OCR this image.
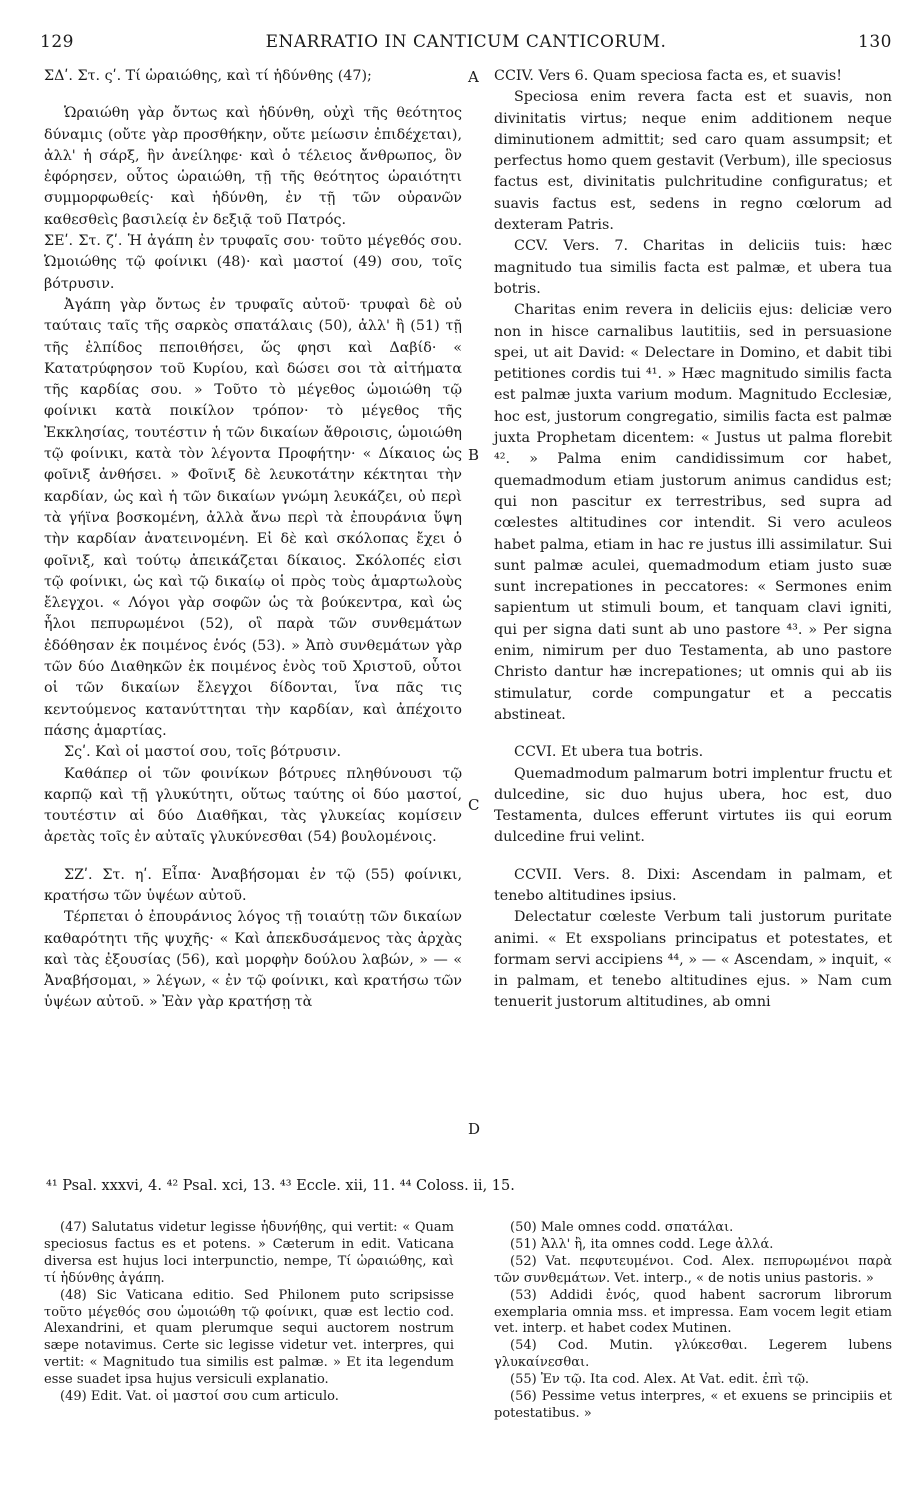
129	ENARRATIO IN CANTICUM CANTICORUM.	130

ΣΔʹ. Στ. ςʹ. Τί ὡραιώθης, καὶ τί ἡδύνθης (47);

Ὡραιώθη γὰρ ὄντως καὶ ἡδύνθη, οὐχὶ τῆς θεότητος δύναμις (οὔτε γὰρ προσθήκην, οὔτε μείωσιν ἐπιδέχεται), ἀλλ' ἡ σάρξ, ἣν ἀνείληφε· καὶ ὁ τέλειος ἄνθρωπος, ὃν ἐφόρησεν, οὗτος ὡραιώθη, τῇ τῆς θεότητος ὡραιότητι συμμορφωθείς· καὶ ἡδύνθη, ἐν τῇ τῶν οὐρανῶν καθεσθεὶς βασιλείᾳ ἐν δεξιᾷ τοῦ Πατρός.

ΣΕʹ. Στ. ζʹ. Ἡ ἀγάπη ἐν τρυφαῖς σου· τοῦτο μέγεθός σου. Ὡμοιώθης τῷ φοίνικι (48)· καὶ μαστοί (49) σου, τοῖς βότρυσιν.

Ἀγάπη γὰρ ὄντως ἐν τρυφαῖς αὐτοῦ· τρυφαὶ δὲ οὐ ταύταις ταῖς τῆς σαρκὸς σπατάλαις (50), ἀλλ' ἢ (51) τῇ τῆς ἐλπίδος πεποιθήσει, ὥς φησι καὶ Δαβίδ· « Κατατρύφησον τοῦ Κυρίου, καὶ δώσει σοι τὰ αἰτήματα τῆς καρδίας σου. » Τοῦτο τὸ μέγεθος ὡμοιώθη τῷ φοίνικι κατὰ ποικίλον τρόπον· τὸ μέγεθος τῆς Ἐκκλησίας, τουτέστιν ἡ τῶν δικαίων ἄθροισις, ὡμοιώθη τῷ φοίνικι, κατὰ τὸν λέγοντα Προφήτην· « Δίκαιος ὡς φοῖνιξ ἀνθήσει. » Φοῖνιξ δὲ λευκοτάτην κέκτηται τὴν καρδίαν, ὡς καὶ ἡ τῶν δικαίων γνώμη λευκάζει, οὐ περὶ τὰ γήϊνα βοσκομένη, ἀλλὰ ἄνω περὶ τὰ ἐπουράνια ὕψη τὴν καρδίαν ἀνατεινομένη. Εἰ δὲ καὶ σκόλοπας ἔχει ὁ φοῖνιξ, καὶ τούτῳ ἀπεικάζεται δίκαιος. Σκόλοπές εἰσι τῷ φοίνικι, ὡς καὶ τῷ δικαίῳ οἱ πρὸς τοὺς ἁμαρτωλοὺς ἔλεγχοι. « Λόγοι γὰρ σοφῶν ὡς τὰ βούκεντρα, καὶ ὡς ἧλοι πεπυρωμένοι (52), οἳ παρὰ τῶν συνθεμάτων ἐδόθησαν ἐκ ποιμένος ἑνός (53). » Ἀπὸ συνθεμάτων γὰρ τῶν δύο Διαθηκῶν ἐκ ποιμένος ἑνὸς τοῦ Χριστοῦ, οὗτοι οἱ τῶν δικαίων ἔλεγχοι δίδονται, ἵνα πᾶς τις κεντούμενος κατανύττηται τὴν καρδίαν, καὶ ἀπέχοιτο πάσης ἁμαρτίας.

Σςʹ. Καὶ οἱ μαστοί σου, τοῖς βότρυσιν.

Καθάπερ οἱ τῶν φοινίκων βότρυες πληθύνουσι τῷ καρπῷ καὶ τῇ γλυκύτητι, οὕτως ταύτης οἱ δύο μαστοί, τουτέστιν αἱ δύο Διαθῆκαι, τὰς γλυκείας κομίσειν ἀρετὰς τοῖς ἐν αὐταῖς γλυκύνεσθαι (54) βουλομένοις.

ΣΖʹ. Στ. ηʹ. Εἶπα· Ἀναβήσομαι ἐν τῷ (55) φοίνικι, κρατήσω τῶν ὑψέων αὐτοῦ.

Τέρπεται ὁ ἐπουράνιος λόγος τῇ τοιαύτῃ τῶν δικαίων καθαρότητι τῆς ψυχῆς· « Καὶ ἀπεκδυσάμενος τὰς ἀρχὰς καὶ τὰς ἐξουσίας (56), καὶ μορφὴν δούλου λαβών, » — « Ἀναβήσομαι, » λέγων, « ἐν τῷ φοίνικι, καὶ κρατήσω τῶν ὑψέων αὐτοῦ. » Ἐὰν γὰρ κρατήσῃ τὰ

CCIV. Vers 6. Quam speciosa facta es, et suavis!

Speciosa enim revera facta est et suavis, non divinitatis virtus; neque enim additionem neque diminutionem admittit; sed caro quam assumpsit; et perfectus homo quem gestavit (Verbum), ille speciosus factus est, divinitatis pulchritudine configuratus; et suavis factus est, sedens in regno cœlorum ad dexteram Patris.

CCV. Vers. 7. Charitas in deliciis tuis: hæc magnitudo tua similis facta est palmæ, et ubera tua botris.

Charitas enim revera in deliciis ejus: deliciæ vero non in hisce carnalibus lautitiis, sed in persuasione spei, ut ait David: « Delectare in Domino, et dabit tibi petitiones cordis tui ⁴¹. » Hæc magnitudo similis facta est palmæ juxta varium modum. Magnitudo Ecclesiæ, hoc est, justorum congregatio, similis facta est palmæ juxta Prophetam dicentem: « Justus ut palma florebit ⁴². » Palma enim candidissimum cor habet, quemadmodum etiam justorum animus candidus est; qui non pascitur ex terrestribus, sed supra ad cœlestes altitudines cor intendit. Si vero aculeos habet palma, etiam in hac re justus illi assimilatur. Sui sunt palmæ aculei, quemadmodum etiam justo suæ sunt increpationes in peccatores: « Sermones enim sapientum ut stimuli boum, et tanquam clavi igniti, qui per signa dati sunt ab uno pastore ⁴³. » Per signa enim, nimirum per duo Testamenta, ab uno pastore Christo dantur hæ increpationes; ut omnis qui ab iis stimulatur, corde compungatur et a peccatis abstineat.

CCVI. Et ubera tua botris.

Quemadmodum palmarum botri implentur fructu et dulcedine, sic duo hujus ubera, hoc est, duo Testamenta, dulces efferunt virtutes iis qui eorum dulcedine frui velint.

CCVII. Vers. 8. Dixi: Ascendam in palmam, et tenebo altitudines ipsius.

Delectatur cœleste Verbum tali justorum puritate animi. « Et exspolians principatus et potestates, et formam servi accipiens ⁴⁴, » — « Ascendam, » inquit, « in palmam, et tenebo altitudines ejus. » Nam cum tenuerit justorum altitudines, ab omni

A
B
C
D
⁴¹ Psal. xxxvi, 4. ⁴² Psal. xci, 13. ⁴³ Eccle. xii, 11. ⁴⁴ Coloss. ii, 15.

(47) Salutatus videtur legisse ἡδυνήθης, qui vertit: « Quam speciosus factus es et potens. » Cæterum in edit. Vaticana diversa est hujus loci interpunctio, nempe, Τί ὡραιώθης, καὶ τί ἡδύνθης ἀγάπη.

(48) Sic Vaticana editio. Sed Philonem puto scripsisse τοῦτο μέγεθός σου ὡμοιώθη τῷ φοίνικι, quæ est lectio cod. Alexandrini, et quam plerumque sequi auctorem nostrum sæpe notavimus. Certe sic legisse videtur vet. interpres, qui vertit: « Magnitudo tua similis est palmæ. » Et ita legendum esse suadet ipsa hujus versiculi explanatio.

(49) Edit. Vat. οἱ μαστοί σου cum articulo.

(50) Male omnes codd. σπατάλαι.

(51) Ἀλλ' ἢ, ita omnes codd. Lege ἀλλά.

(52) Vat. πεφυτευμένοι. Cod. Alex. πεπυρωμένοι παρὰ τῶν συνθεμάτων. Vet. interp., « de notis unius pastoris. »

(53) Addidi ἑνός, quod habent sacrorum librorum exemplaria omnia mss. et impressa. Eam vocem legit etiam vet. interp. et habet codex Mutinen.

(54) Cod. Mutin. γλύκεσθαι. Legerem lubens γλυκαίνεσθαι.

(55) Ἐν τῷ. Ita cod. Alex. At Vat. edit. ἐπὶ τῷ.

(56) Pessime vetus interpres, « et exuens se principiis et potestatibus. »
